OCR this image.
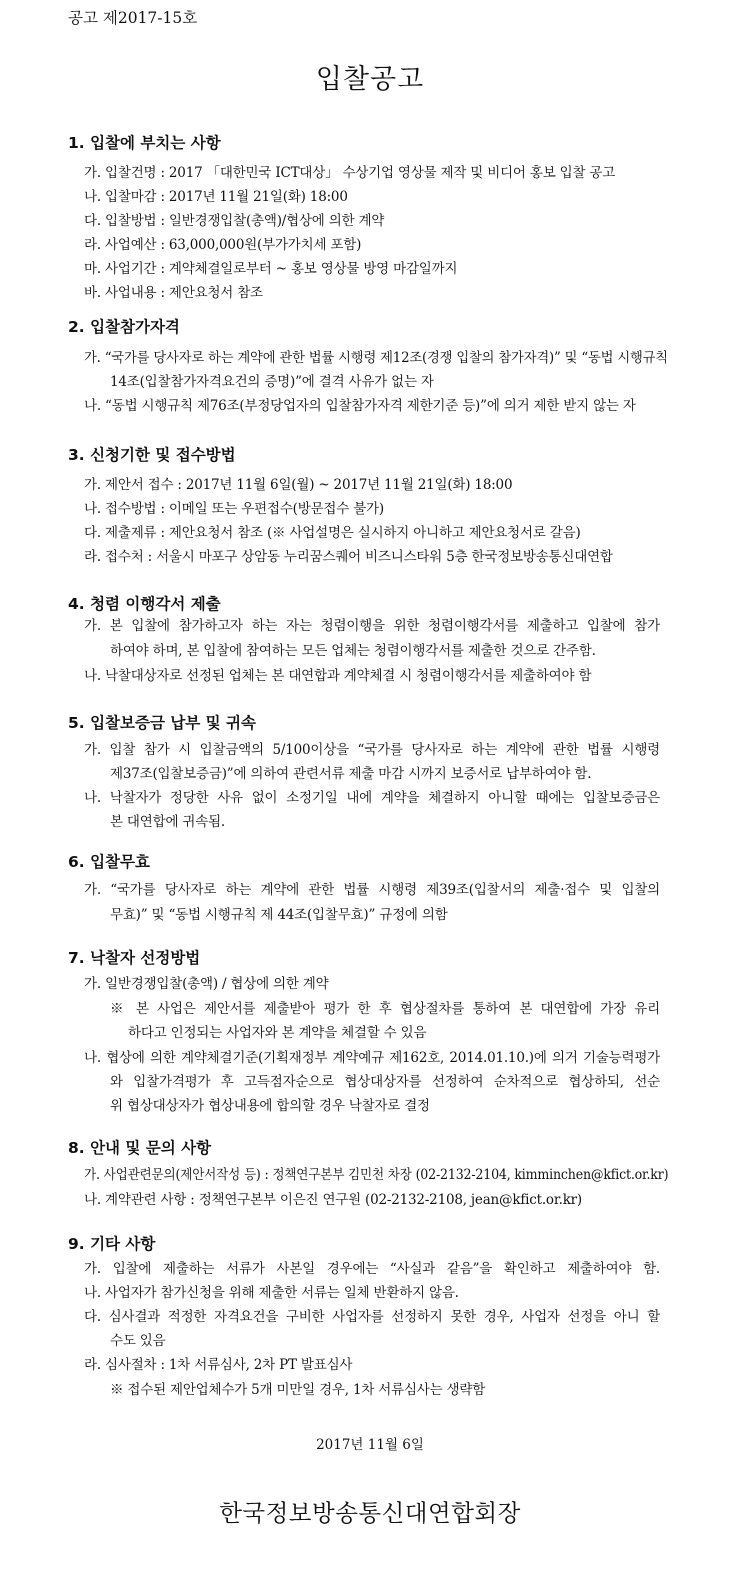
공고 제2017-15호
입찰공고
1. 입찰에 부치는 사항
가. 입찰건명 : 2017 「대한민국 ICT대상」 수상기업 영상물 제작 및 비디어 홍보 입찰 공고
나. 입찰마감 : 2017년 11월 21일(화) 18:00
다. 입찰방법 : 일반경쟁입찰(총액)/협상에 의한 계약
라. 사업예산 : 63,000,000원(부가가치세 포함)
마. 사업기간 : 계약체결일로부터 ~ 홍보 영상물 방영 마감일까지
바. 사업내용 : 제안요청서 참조
2. 입찰참가자격
가. “국가를 당사자로 하는 계약에 관한 법률 시행령 제12조(경쟁 입찰의 참가자격)” 및 “동법 시행규칙
14조(입찰참가자격요건의 증명)”에 결격 사유가 없는 자
나. “동법 시행규칙 제76조(부정당업자의 입찰참가자격 제한기준 등)”에 의거 제한 받지 않는 자
3. 신청기한 및 접수방법
가. 제안서 접수 : 2017년 11월 6일(월) ~ 2017년 11월 21일(화) 18:00
나. 접수방법 : 이메일 또는 우편접수(방문접수 불가)
다. 제출제류 : 제안요청서 참조 (※ 사업설명은 실시하지 아니하고 제안요청서로 갈음)
라. 접수처 : 서울시 마포구 상암동 누리꿈스퀘어 비즈니스타워 5층 한국정보방송통신대연합
4. 청렴 이행각서 제출
가. 본 입찰에 참가하고자 하는 자는 청렴이행을 위한 청렴이행각서를 제출하고 입찰에 참가
하여야 하며, 본 입찰에 참여하는 모든 업체는 청렴이행각서를 제출한 것으로 간주함.
나. 낙찰대상자로 선정된 업체는 본 대연합과 계약체결 시 청렴이행각서를 제출하여야 함
5. 입찰보증금 납부 및 귀속
가. 입찰 참가 시 입찰금액의 5/100이상을 “국가를 당사자로 하는 계약에 관한 법률 시행령
제37조(입찰보증금)”에 의하여 관련서류 제출 마감 시까지 보증서로 납부하여야 함.
나. 낙찰자가 정당한 사유 없이 소정기일 내에 계약을 체결하지 아니할 때에는 입찰보증금은
본 대연합에 귀속됨.
6. 입찰무효
가. “국가를 당사자로 하는 계약에 관한 법률 시행령 제39조(입찰서의 제출·접수 및 입찰의
무효)” 및 “동법 시행규칙 제 44조(입찰무효)” 규정에 의함
7. 낙찰자 선정방법
가. 일반경쟁입찰(총액) / 협상에 의한 계약
※ 본 사업은 제안서를 제출받아 평가 한 후 협상절차를 통하여 본 대연합에 가장 유리
하다고 인정되는 사업자와 본 계약을 체결할 수 있음
나. 협상에 의한 계약체결기준(기획재정부 계약예규 제162호, 2014.01.10.)에 의거 기술능력평가
와 입찰가격평가 후 고득점자순으로 협상대상자를 선정하여 순차적으로 협상하되, 선순
위 협상대상자가 협상내용에 합의할 경우 낙찰자로 결정
8. 안내 및 문의 사항
가. 사업관련문의(제안서작성 등) : 정책연구본부 김민천 차장 (02-2132-2104, kimminchen@kfict.or.kr)
나. 계약관련 사항 : 정책연구본부 이은진 연구원 (02-2132-2108, jean@kfict.or.kr)
9. 기타 사항
가. 입찰에 제출하는 서류가 사본일 경우에는 “사실과 같음”을 확인하고 제출하여야 함.
나. 사업자가 참가신청을 위해 제출한 서류는 일체 반환하지 않음.
다. 심사결과 적정한 자격요건을 구비한 사업자를 선정하지 못한 경우, 사업자 선정을 아니 할
수도 있음
라. 심사절차 : 1차 서류심사, 2차 PT 발표심사
※ 접수된 제안업체수가 5개 미만일 경우, 1차 서류심사는 생략함
2017년 11월 6일
한국정보방송통신대연합회장
